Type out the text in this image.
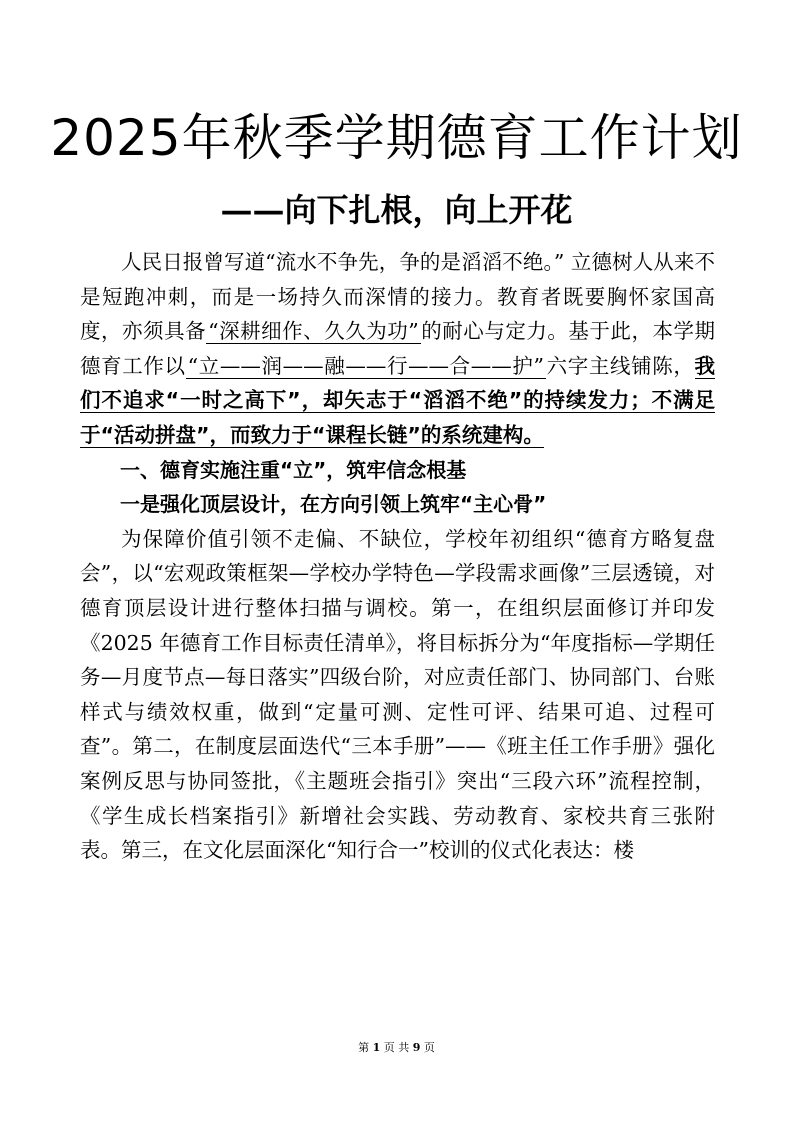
2025年秋季学期德育工作计划
——向下扎根，向上开花

人民日报曾写道“流水不争先，争的是滔滔不绝。” 立德树人从来不是短跑冲刺，而是一场持久而深情的接力。教育者既要胸怀家国高度，亦须具备“深耕细作、久久为功”的耐心与定力。基于此，本学期德育工作以“立——润——融——行——合——护”六字主线铺陈，我们不追求“一时之高下”，却矢志于“滔滔不绝”的持续发力；不满足于“活动拼盘”，而致力于“课程长链”的系统建构。

一、德育实施注重“立”，筑牢信念根基

一是强化顶层设计，在方向引领上筑牢“主心骨”

为保障价值引领不走偏、不缺位，学校年初组织“德育方略复盘会”，以“宏观政策框架—学校办学特色—学段需求画像”三层透镜，对德育顶层设计进行整体扫描与调校。第一，在组织层面修订并印发《2025 年德育工作目标责任清单》，将目标拆分为“年度指标—学期任务—月度节点—每日落实”四级台阶，对应责任部门、协同部门、台账样式与绩效权重，做到“定量可测、定性可评、结果可追、过程可查”。第二，在制度层面迭代“三本手册”——《班主任工作手册》强化案例反思与协同签批，《主题班会指引》突出“三段六环”流程控制，《学生成长档案指引》新增社会实践、劳动教育、家校共育三张附表。第三，在文化层面深化“知行合一”校训的仪式化表达：楼

第 1 页 共 9 页
